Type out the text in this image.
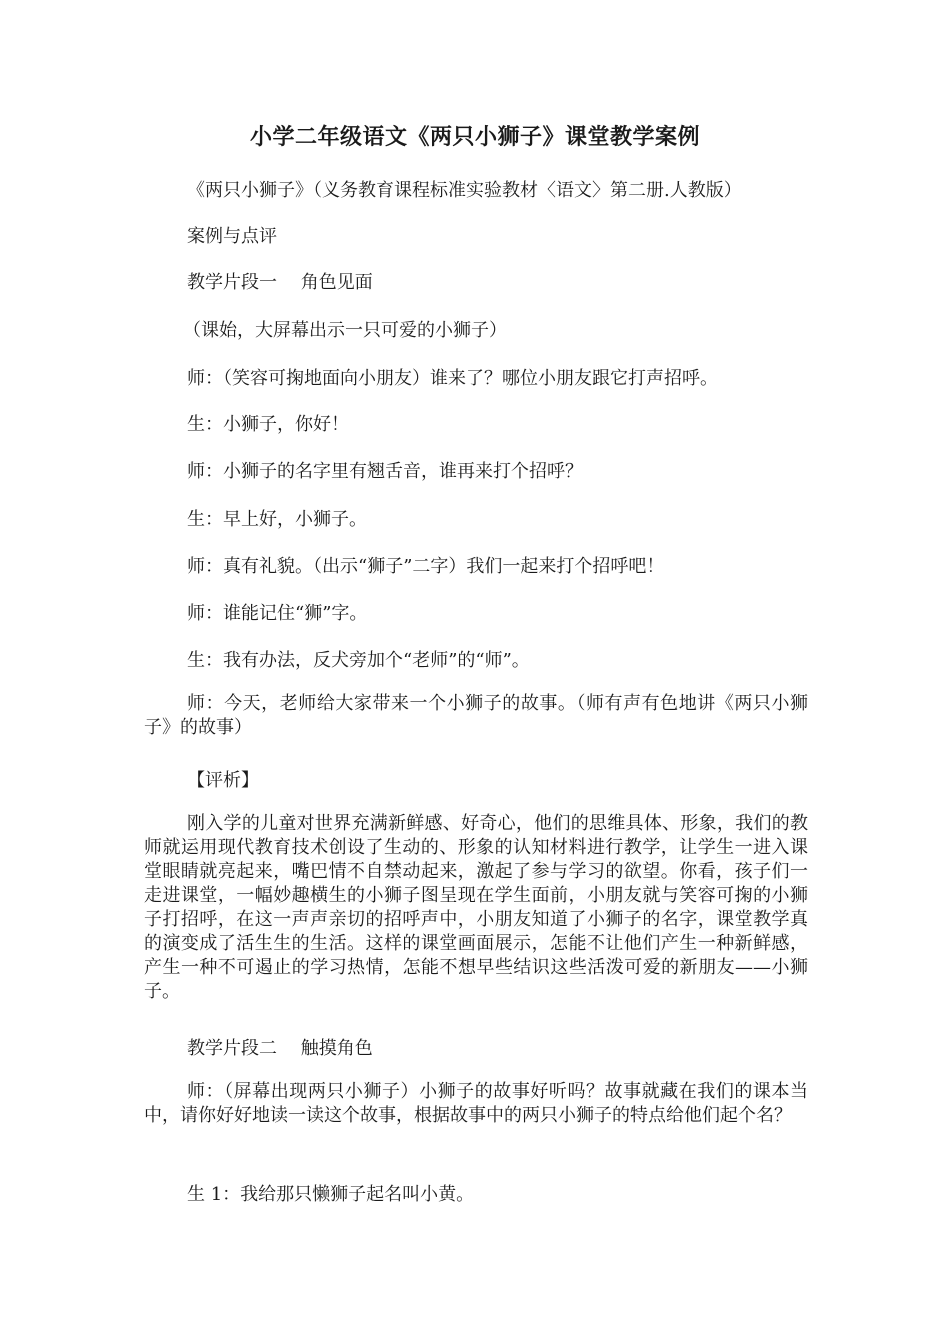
小学二年级语文《两只小狮子》课堂教学案例
《两只小狮子》（义务教育课程标准实验教材〈语文〉第二册.人教版）
案例与点评
教学片段一　 角色见面
（课始，大屏幕出示一只可爱的小狮子）
师：（笑容可掬地面向小朋友）谁来了？哪位小朋友跟它打声招呼。
生：小狮子，你好！
师：小狮子的名字里有翘舌音，谁再来打个招呼？
生：早上好，小狮子。
师：真有礼貌。（出示“狮子”二字）我们一起来打个招呼吧！
师：谁能记住“狮”字。
生：我有办法，反犬旁加个“老师”的“师”。
师：今天，老师给大家带来一个小狮子的故事。（师有声有色地讲《两只小狮子》的故事）
【评析】
刚入学的儿童对世界充满新鲜感、好奇心，他们的思维具体、形象，我们的教师就运用现代教育技术创设了生动的、形象的认知材料进行教学，让学生一进入课堂眼睛就亮起来，嘴巴情不自禁动起来，激起了参与学习的欲望。你看，孩子们一走进课堂，一幅妙趣横生的小狮子图呈现在学生面前，小朋友就与笑容可掬的小狮子打招呼，在这一声声亲切的招呼声中，小朋友知道了小狮子的名字，课堂教学真的演变成了活生生的生活。这样的课堂画面展示，怎能不让他们产生一种新鲜感，产生一种不可遏止的学习热情，怎能不想早些结识这些活泼可爱的新朋友——小狮子。
教学片段二　 触摸角色
师：（屏幕出现两只小狮子）小狮子的故事好听吗？故事就藏在我们的课本当中，请你好好地读一读这个故事，根据故事中的两只小狮子的特点给他们起个名？
生 1：我给那只懒狮子起名叫小黄。
